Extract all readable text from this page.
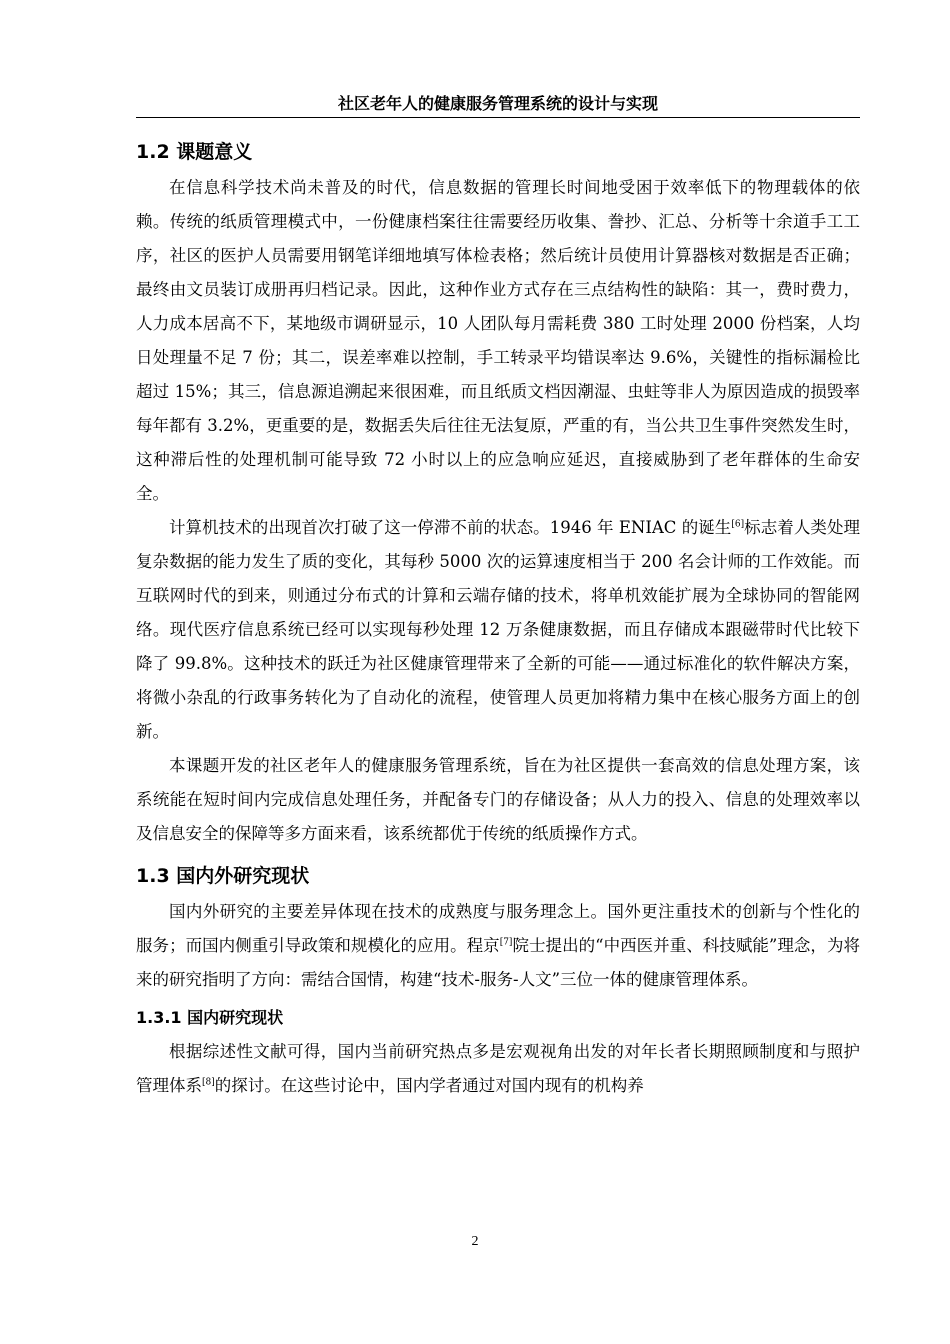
社区老年人的健康服务管理系统的设计与实现
1.2 课题意义

在信息科学技术尚未普及的时代，信息数据的管理长时间地受困于效率低下的物理载体的依赖。传统的纸质管理模式中，一份健康档案往往需要经历收集、誊抄、汇总、分析等十余道手工工序，社区的医护人员需要用钢笔详细地填写体检表格；然后统计员使用计算器核对数据是否正确；最终由文员装订成册再归档记录。因此，这种作业方式存在三点结构性的缺陷：其一，费时费力，人力成本居高不下，某地级市调研显示，10 人团队每月需耗费 380 工时处理 2000 份档案，人均日处理量不足 7 份；其二，误差率难以控制，手工转录平均错误率达 9.6%，关键性的指标漏检比超过 15%；其三，信息源追溯起来很困难，而且纸质文档因潮湿、虫蛀等非人为原因造成的损毁率每年都有 3.2%，更重要的是，数据丢失后往往无法复原，严重的有，当公共卫生事件突然发生时，这种滞后性的处理机制可能导致 72 小时以上的应急响应延迟，直接威胁到了老年群体的生命安全。

计算机技术的出现首次打破了这一停滞不前的状态。1946 年 ENIAC 的诞生[6]标志着人类处理复杂数据的能力发生了质的变化，其每秒 5000 次的运算速度相当于 200 名会计师的工作效能。而互联网时代的到来，则通过分布式的计算和云端存储的技术，将单机效能扩展为全球协同的智能网络。现代医疗信息系统已经可以实现每秒处理 12 万条健康数据，而且存储成本跟磁带时代比较下降了 99.8%。这种技术的跃迁为社区健康管理带来了全新的可能——通过标准化的软件解决方案，将微小杂乱的行政事务转化为了自动化的流程，使管理人员更加将精力集中在核心服务方面上的创新。

本课题开发的社区老年人的健康服务管理系统，旨在为社区提供一套高效的信息处理方案，该系统能在短时间内完成信息处理任务，并配备专门的存储设备；从人力的投入、信息的处理效率以及信息安全的保障等多方面来看，该系统都优于传统的纸质操作方式。

1.3 国内外研究现状

国内外研究的主要差异体现在技术的成熟度与服务理念上。国外更注重技术的创新与个性化的服务；而国内侧重引导政策和规模化的应用。程京[7]院士提出的“中西医并重、科技赋能”理念，为将来的研究指明了方向：需结合国情，构建“技术-服务-人文”三位一体的健康管理体系。

1.3.1 国内研究现状

根据综述性文献可得，国内当前研究热点多是宏观视角出发的对年长者长期照顾制度和与照护管理体系[8]的探讨。在这些讨论中，国内学者通过对国内现有的机构养

2
